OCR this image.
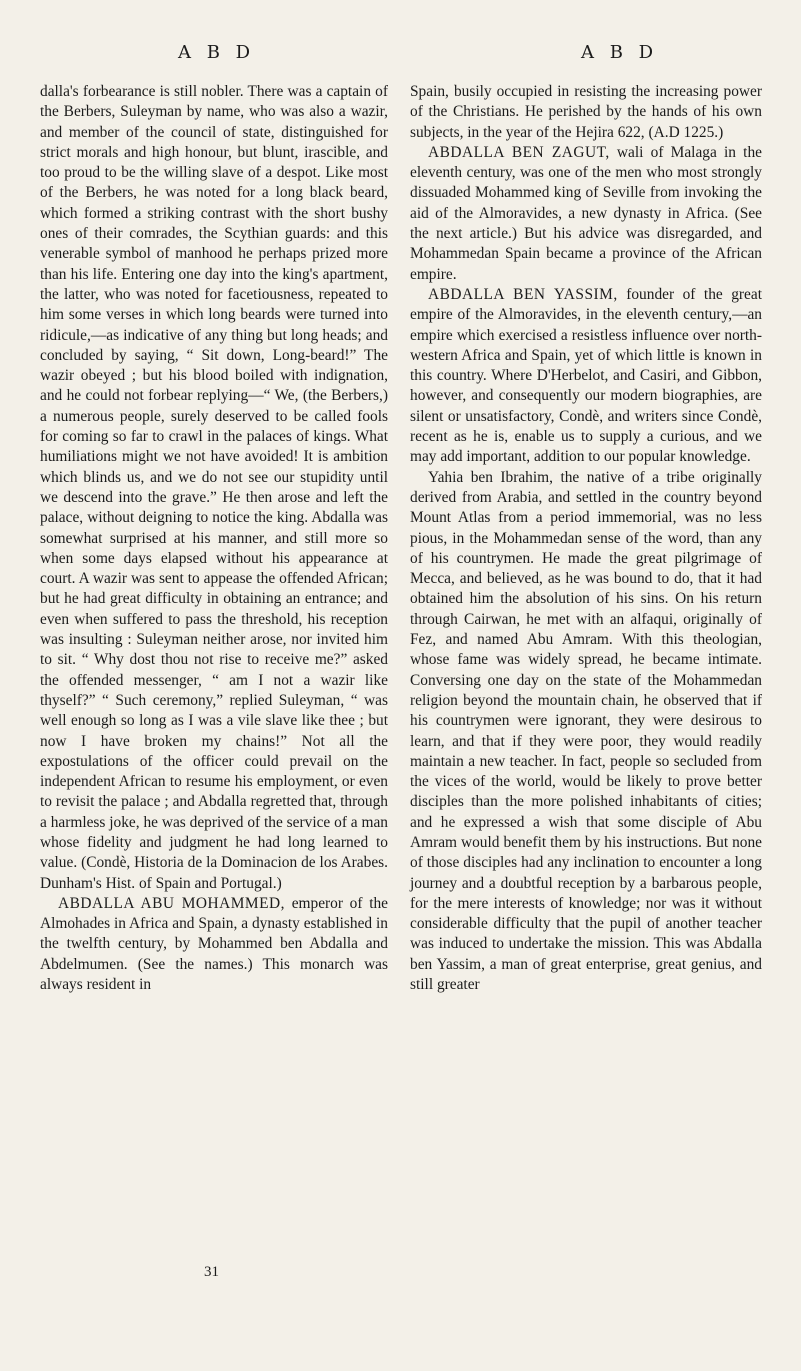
A B D	A B D

dalla's forbearance is still nobler. There was a captain of the Berbers, Suleyman by name, who was also a wazir, and member of the council of state, distinguished for strict morals and high honour, but blunt, irascible, and too proud to be the willing slave of a despot. Like most of the Berbers, he was noted for a long black beard, which formed a striking contrast with the short bushy ones of their comrades, the Scythian guards: and this venerable symbol of manhood he perhaps prized more than his life. Entering one day into the king's apartment, the latter, who was noted for facetiousness, repeated to him some verses in which long beards were turned into ridicule,—as indicative of any thing but long heads; and concluded by saying, “ Sit down, Long-beard!” The wazir obeyed ; but his blood boiled with indignation, and he could not forbear replying—“ We, (the Berbers,) a numerous people, surely deserved to be called fools for coming so far to crawl in the palaces of kings. What humiliations might we not have avoided! It is ambition which blinds us, and we do not see our stupidity until we descend into the grave.” He then arose and left the palace, without deigning to notice the king. Abdalla was somewhat surprised at his manner, and still more so when some days elapsed without his appearance at court. A wazir was sent to appease the offended African; but he had great difficulty in obtaining an entrance; and even when suffered to pass the threshold, his reception was insulting : Suleyman neither arose, nor invited him to sit. “ Why dost thou not rise to receive me?” asked the offended messenger, “ am I not a wazir like thyself?” “ Such ceremony,” replied Suleyman, “ was well enough so long as I was a vile slave like thee ; but now I have broken my chains!” Not all the expostulations of the officer could prevail on the independent African to resume his employment, or even to revisit the palace ; and Abdalla regretted that, through a harmless joke, he was deprived of the service of a man whose fidelity and judgment he had long learned to value. (Condè, Historia de la Dominacion de los Arabes. Dunham's Hist. of Spain and Portugal.)

ABDALLA ABU MOHAMMED, emperor of the Almohades in Africa and Spain, a dynasty established in the twelfth century, by Mohammed ben Abdalla and Abdelmumen. (See the names.) This monarch was always resident in

Spain, busily occupied in resisting the increasing power of the Christians. He perished by the hands of his own subjects, in the year of the Hejira 622, (A.D 1225.)

ABDALLA BEN ZAGUT, wali of Malaga in the eleventh century, was one of the men who most strongly dissuaded Mohammed king of Seville from invoking the aid of the Almoravides, a new dynasty in Africa. (See the next article.) But his advice was disregarded, and Mohammedan Spain became a province of the African empire.

ABDALLA BEN YASSIM, founder of the great empire of the Almoravides, in the eleventh century,—an empire which exercised a resistless influence over north-western Africa and Spain, yet of which little is known in this country. Where D'Herbelot, and Casiri, and Gibbon, however, and consequently our modern biographies, are silent or unsatisfactory, Condè, and writers since Condè, recent as he is, enable us to supply a curious, and we may add important, addition to our popular knowledge.

Yahia ben Ibrahim, the native of a tribe originally derived from Arabia, and settled in the country beyond Mount Atlas from a period immemorial, was no less pious, in the Mohammedan sense of the word, than any of his countrymen. He made the great pilgrimage of Mecca, and believed, as he was bound to do, that it had obtained him the absolution of his sins. On his return through Cairwan, he met with an alfaqui, originally of Fez, and named Abu Amram. With this theologian, whose fame was widely spread, he became intimate. Conversing one day on the state of the Mohammedan religion beyond the mountain chain, he observed that if his countrymen were ignorant, they were desirous to learn, and that if they were poor, they would readily maintain a new teacher. In fact, people so secluded from the vices of the world, would be likely to prove better disciples than the more polished inhabitants of cities; and he expressed a wish that some disciple of Abu Amram would benefit them by his instructions. But none of those disciples had any inclination to encounter a long journey and a doubtful reception by a barbarous people, for the mere interests of knowledge; nor was it without considerable difficulty that the pupil of another teacher was induced to undertake the mission. This was Abdalla ben Yassim, a man of great enterprise, great genius, and still greater

31
